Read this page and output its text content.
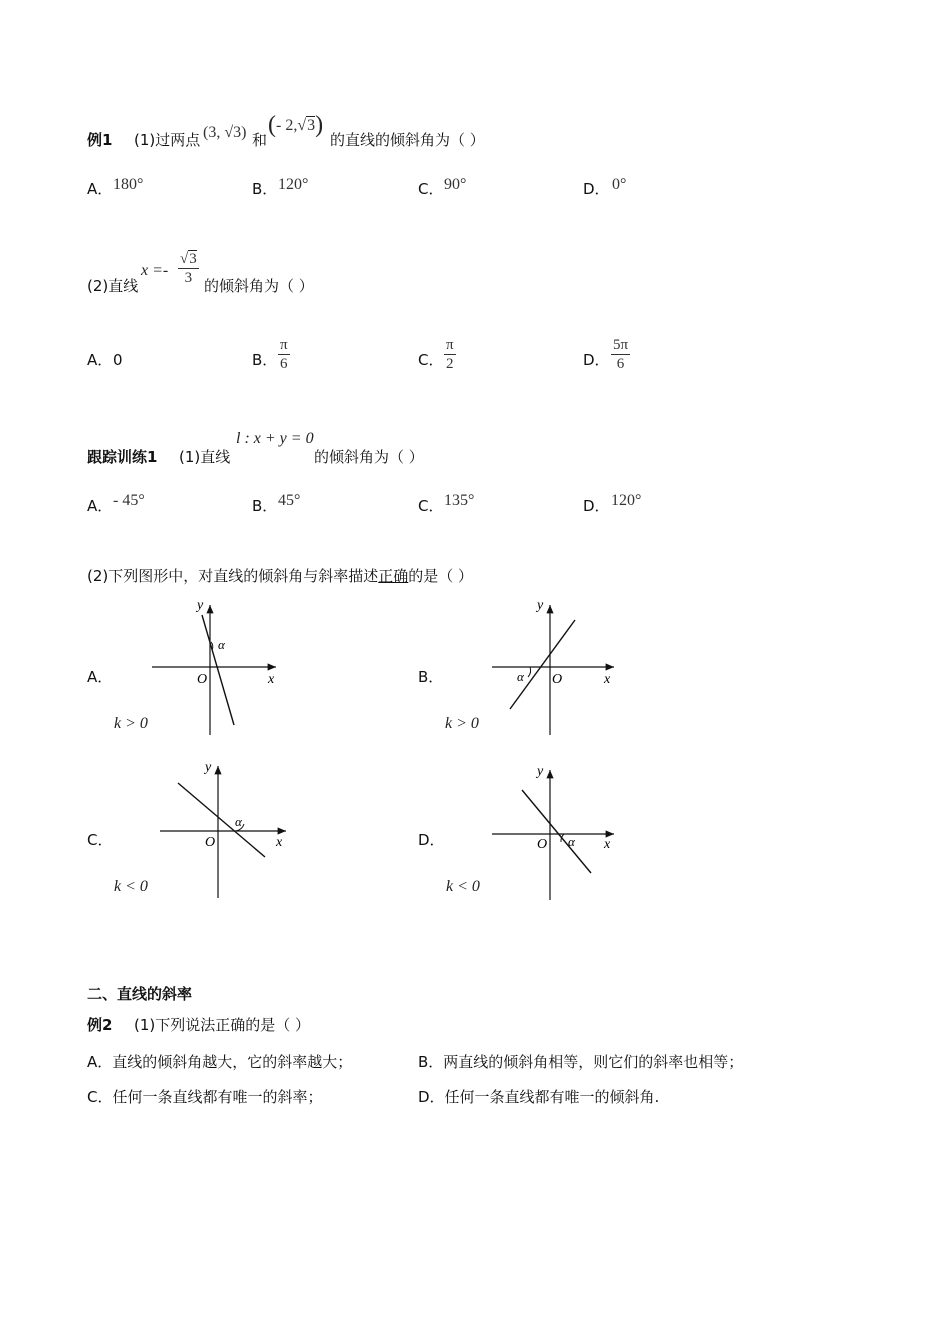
例1 (1)过两点 (3, √3) 和
(- 2,√3)
的直线的倾斜角为（ ）
A． 180°	B． 120°	C． 90°	D． 0°
(2)直线
$x =- \frac{√3}{3}$ 的倾斜角为（ ）
A． 0	B． $\frac{\pi}{6}$	C． $\frac{\pi}{2}$	D． $\frac{5\pi}{6}$
跟踪训练1 (1)直线
l : x + y = 0
的倾斜角为（ ）
A． - 45°	B． 45°	C． 135°	D． 120°
(2)下列图形中，对直线的倾斜角与斜率描述正确的是（ ）
A．	B．
C．	D．
k > 0	k > 0
k < 0	k < 0
y
x
O
α
y
x
O
α
y
x
O
α
y
x
O α
二、直线的斜率
例2 (1)下列说法正确的是（ ）
A．直线的倾斜角越大，它的斜率越大；	B．两直线的倾斜角相等，则它们的斜率也相等；
C．任何一条直线都有唯一的斜率；	D．任何一条直线都有唯一的倾斜角.
